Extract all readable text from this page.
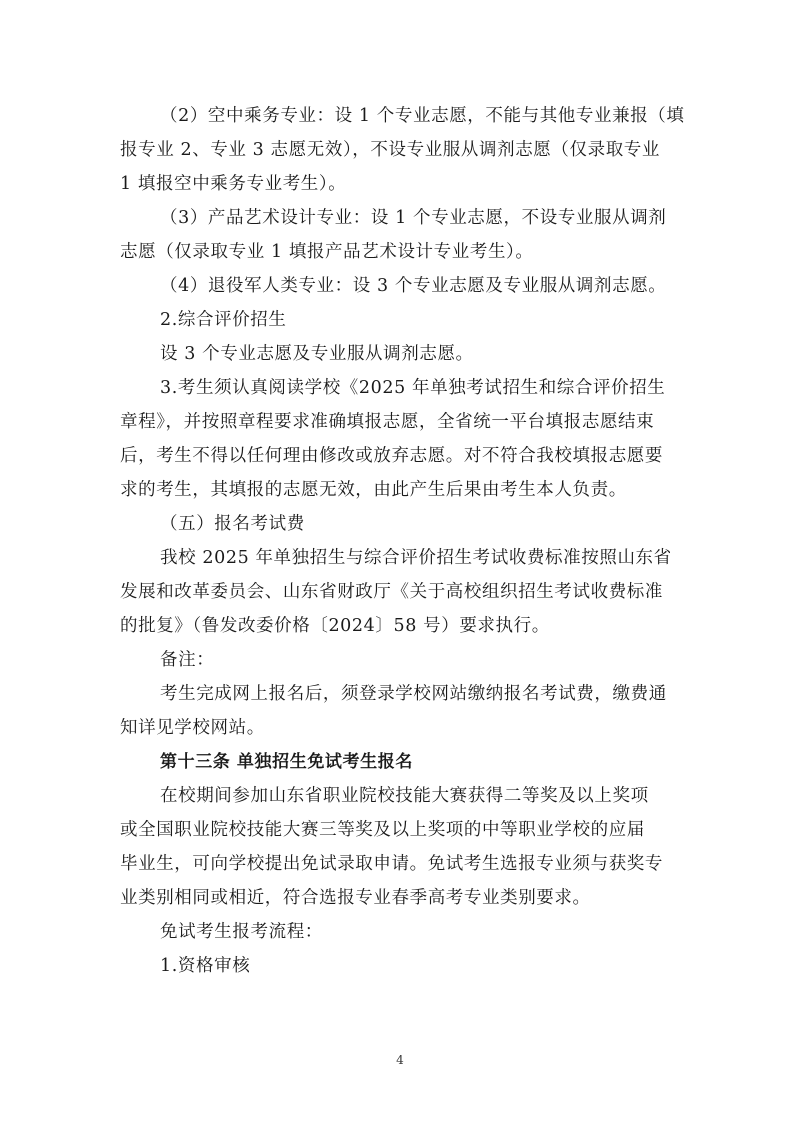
（2）空中乘务专业：设 1 个专业志愿，不能与其他专业兼报（填
报专业 2、专业 3 志愿无效），不设专业服从调剂志愿（仅录取专业
1 填报空中乘务专业考生）。
（3）产品艺术设计专业：设 1 个专业志愿，不设专业服从调剂
志愿（仅录取专业 1 填报产品艺术设计专业考生）。
（4）退役军人类专业：设 3 个专业志愿及专业服从调剂志愿。
2.综合评价招生
设 3 个专业志愿及专业服从调剂志愿。
3.考生须认真阅读学校《2025 年单独考试招生和综合评价招生
章程》，并按照章程要求准确填报志愿，全省统一平台填报志愿结束
后，考生不得以任何理由修改或放弃志愿。对不符合我校填报志愿要
求的考生，其填报的志愿无效，由此产生后果由考生本人负责。
（五）报名考试费
我校 2025 年单独招生与综合评价招生考试收费标准按照山东省
发展和改革委员会、山东省财政厅《关于高校组织招生考试收费标准
的批复》（鲁发改委价格〔2024〕58 号）要求执行。
备注：
考生完成网上报名后，须登录学校网站缴纳报名考试费，缴费通
知详见学校网站。
第十三条 单独招生免试考生报名
在校期间参加山东省职业院校技能大赛获得二等奖及以上奖项
或全国职业院校技能大赛三等奖及以上奖项的中等职业学校的应届
毕业生，可向学校提出免试录取申请。免试考生选报专业须与获奖专
业类别相同或相近，符合选报专业春季高考专业类别要求。
免试考生报考流程：
1.资格审核
4
